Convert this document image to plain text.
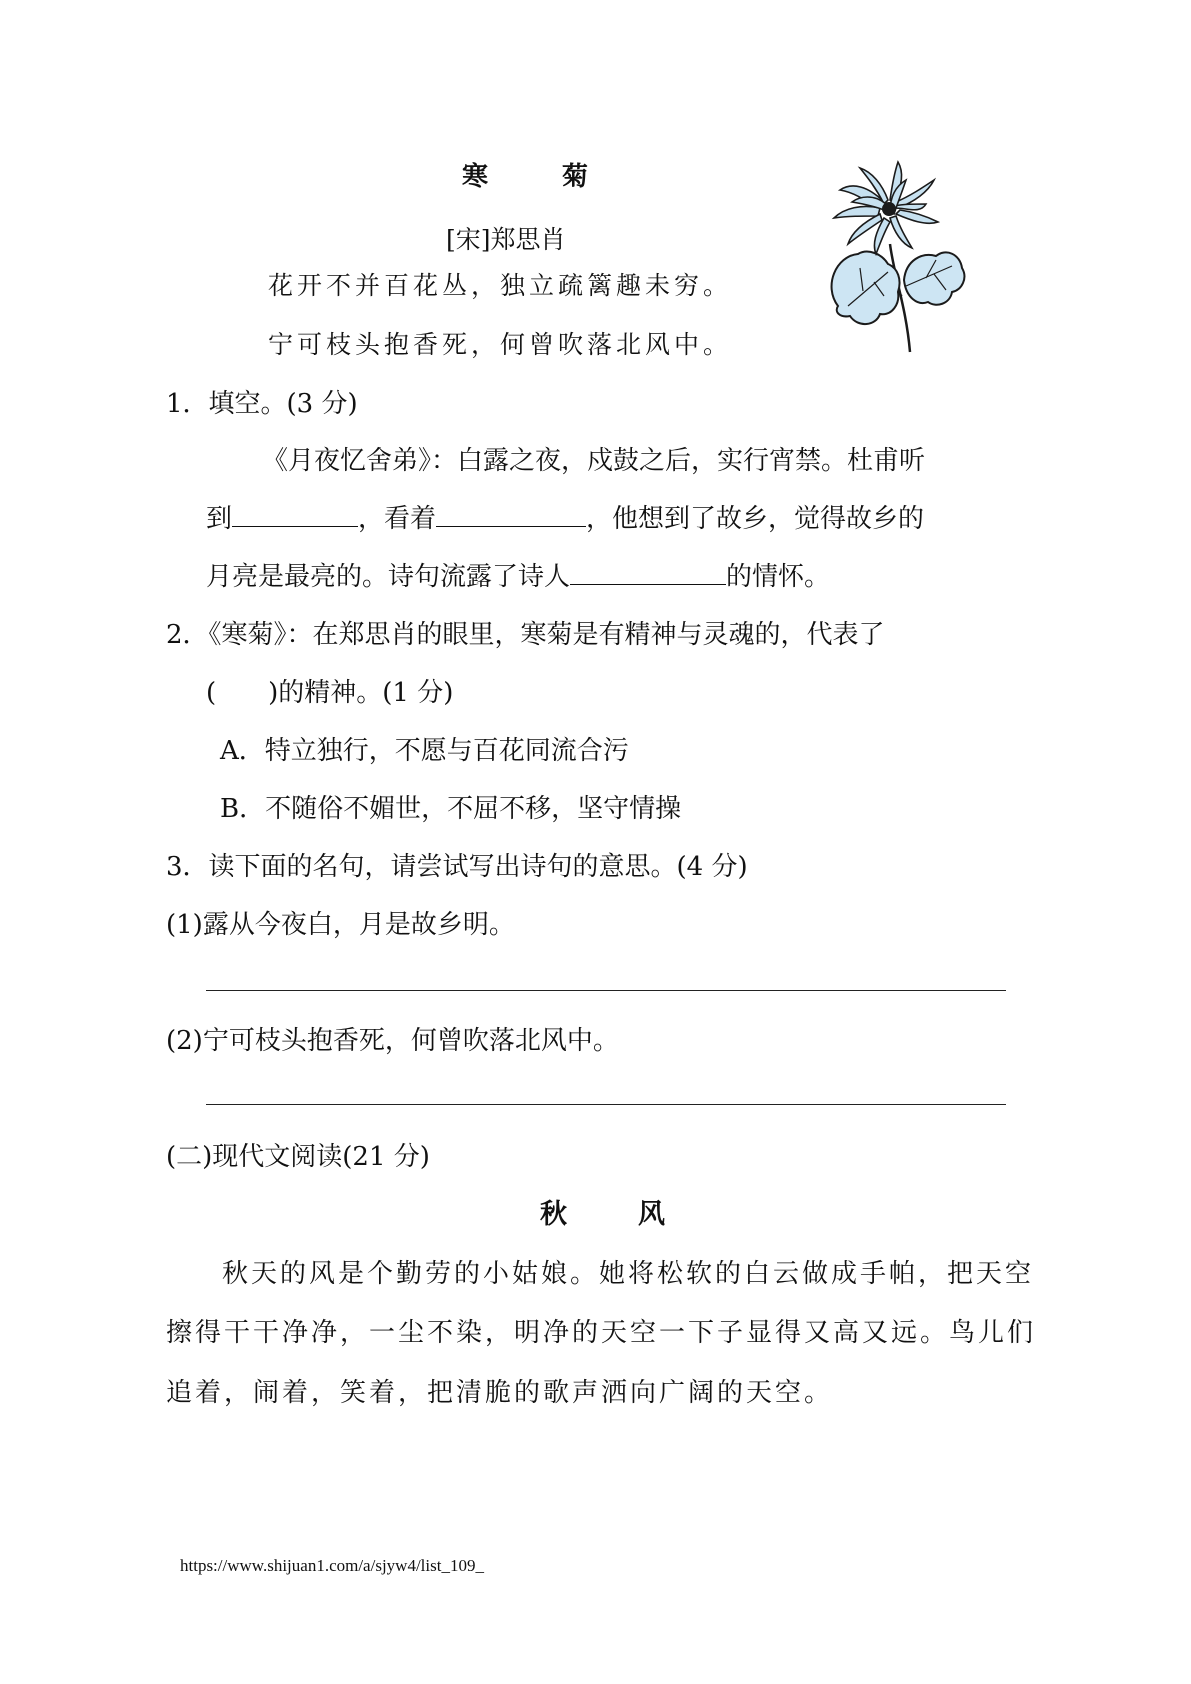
寒　菊
[宋]郑思肖
花开不并百花丛，独立疏篱趣未穷。
宁可枝头抱香死，何曾吹落北风中。
1．填空。(3 分)
《月夜忆舍弟》：白露之夜，戍鼓之后，实行宵禁。杜甫听
到	，看着	，他想到了故乡，觉得故乡的
月亮是最亮的。诗句流露了诗人	的情怀。
2．《寒菊》：在郑思肖的眼里，寒菊是有精神与灵魂的，代表了
(　　)的精神。(1 分)
A．特立独行，不愿与百花同流合污
B．不随俗不媚世，不屈不移，坚守情操
3．读下面的名句，请尝试写出诗句的意思。(4 分)
(1)露从今夜白，月是故乡明。
(2)宁可枝头抱香死，何曾吹落北风中。
(二)现代文阅读(21 分)
秋　风
秋天的风是个勤劳的小姑娘。她将松软的白云做成手帕，把天空
擦得干干净净，一尘不染，明净的天空一下子显得又高又远。鸟儿们
追着，闹着，笑着，把清脆的歌声洒向广阔的天空。
https://www.shijuan1.com/a/sjyw4/list_109_
